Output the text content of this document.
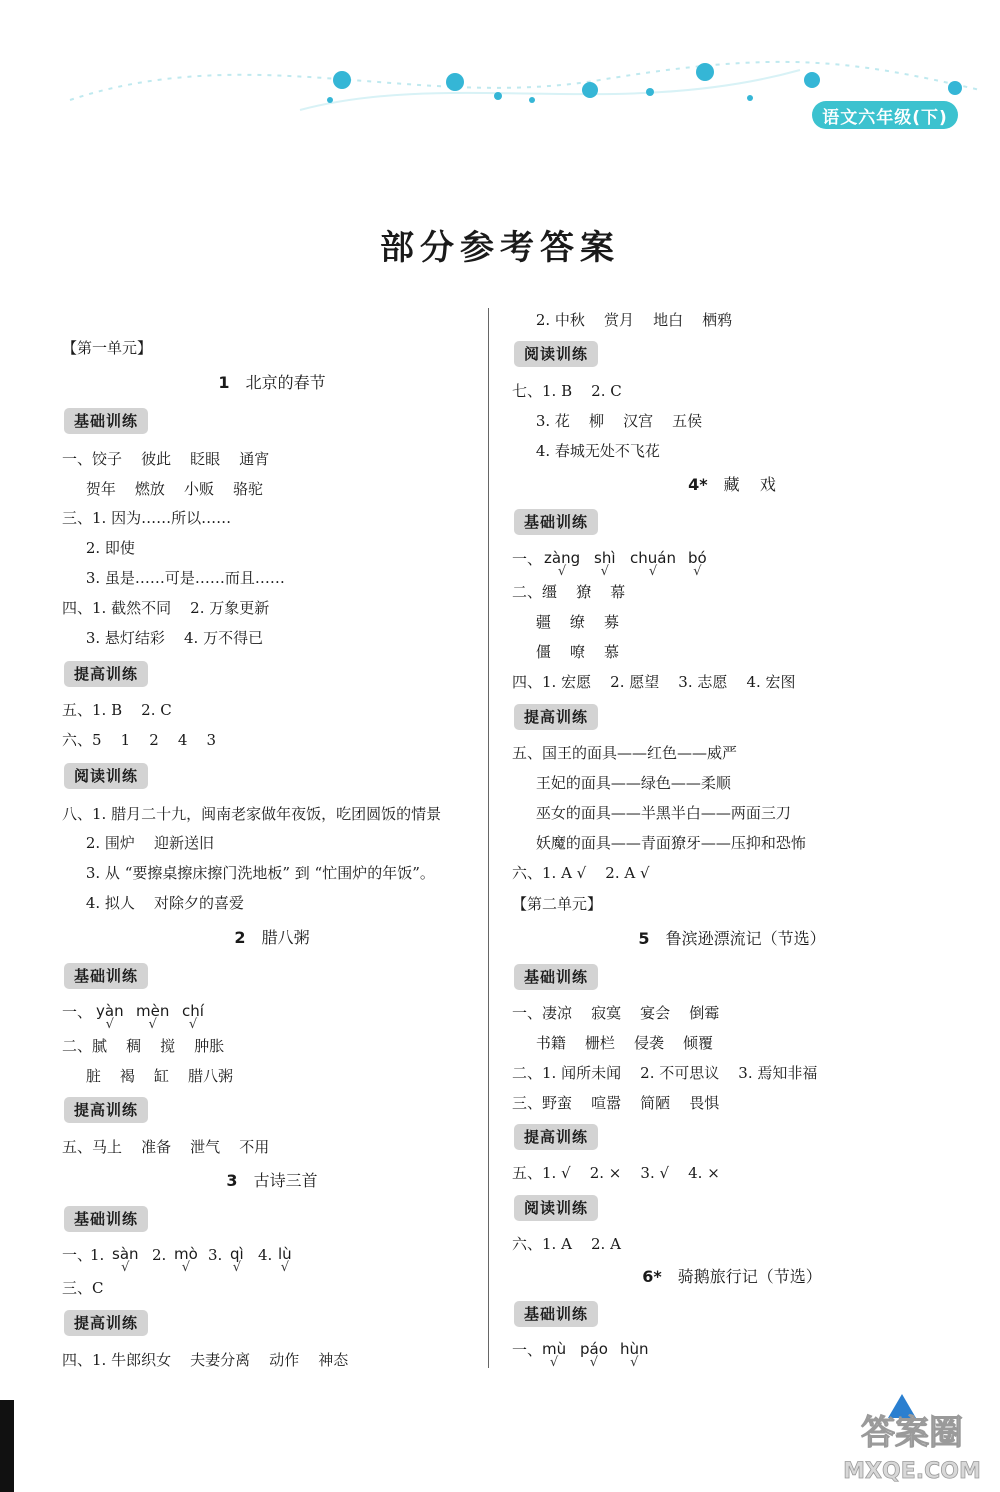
语文六年级(下)
部分参考答案
【第一单元】
1 北京的春节
基础训练
一、饺子    彼此    眨眼    通宵
贺年    燃放    小贩    骆驼
三、1. 因为……所以……
2. 即使
3. 虽是……可是……而且……
四、1. 截然不同    2. 万象更新
3. 悬灯结彩    4. 万不得已
提高训练
五、1. B    2. C
六、5    1    2    4    3
阅读训练
八、1. 腊月二十九，闽南老家做年夜饭，吃团圆饭的情景
2. 围炉    迎新送旧
3. 从 “要擦桌擦床擦门洗地板” 到 “忙围炉的年饭”。
4. 拟人    对除夕的喜爱
2 腊八粥
基础训练
一、 yàn
√
mèn
√
chí
√
二、腻    稠    搅    肿胀
脏    褐    缸    腊八粥
提高训练
五、马上    准备    泄气    不用
3 古诗三首
基础训练
一、
1. sàn
√
2. mò
√
3. qì
√
4. lù
√
三、C
提高训练
四、1. 牛郎织女    夫妻分离    动作    神态
2. 中秋    赏月    地白    栖鸦
阅读训练
七、1. B    2. C
3. 花    柳    汉宫    五侯
4. 春城无处不飞花
4* 藏    戏
基础训练
一、 zàng
√
shì
√
chuán
√
bó
√
二、缰    獠    幕
疆    缭    募
僵    嘹    慕
四、1. 宏愿    2. 愿望    3. 志愿    4. 宏图
提高训练
五、国王的面具——红色——威严
王妃的面具——绿色——柔顺
巫女的面具——半黑半白——两面三刀
妖魔的面具——青面獠牙——压抑和恐怖
六、1. A √    2. A √
【第二单元】
5 鲁滨逊漂流记（节选）
基础训练
一、凄凉    寂寞    宴会    倒霉
书籍    栅栏    侵袭    倾覆
二、1. 闻所未闻    2. 不可思议    3. 焉知非福
三、野蛮    喧嚣    简陋    畏惧
提高训练
五、1. √    2. ×    3. √    4. ×
阅读训练
六、1. A    2. A
6* 骑鹅旅行记（节选）
基础训练
一、 mù
√
páo
√
hùn
√
答案圈
MXQE.COM
